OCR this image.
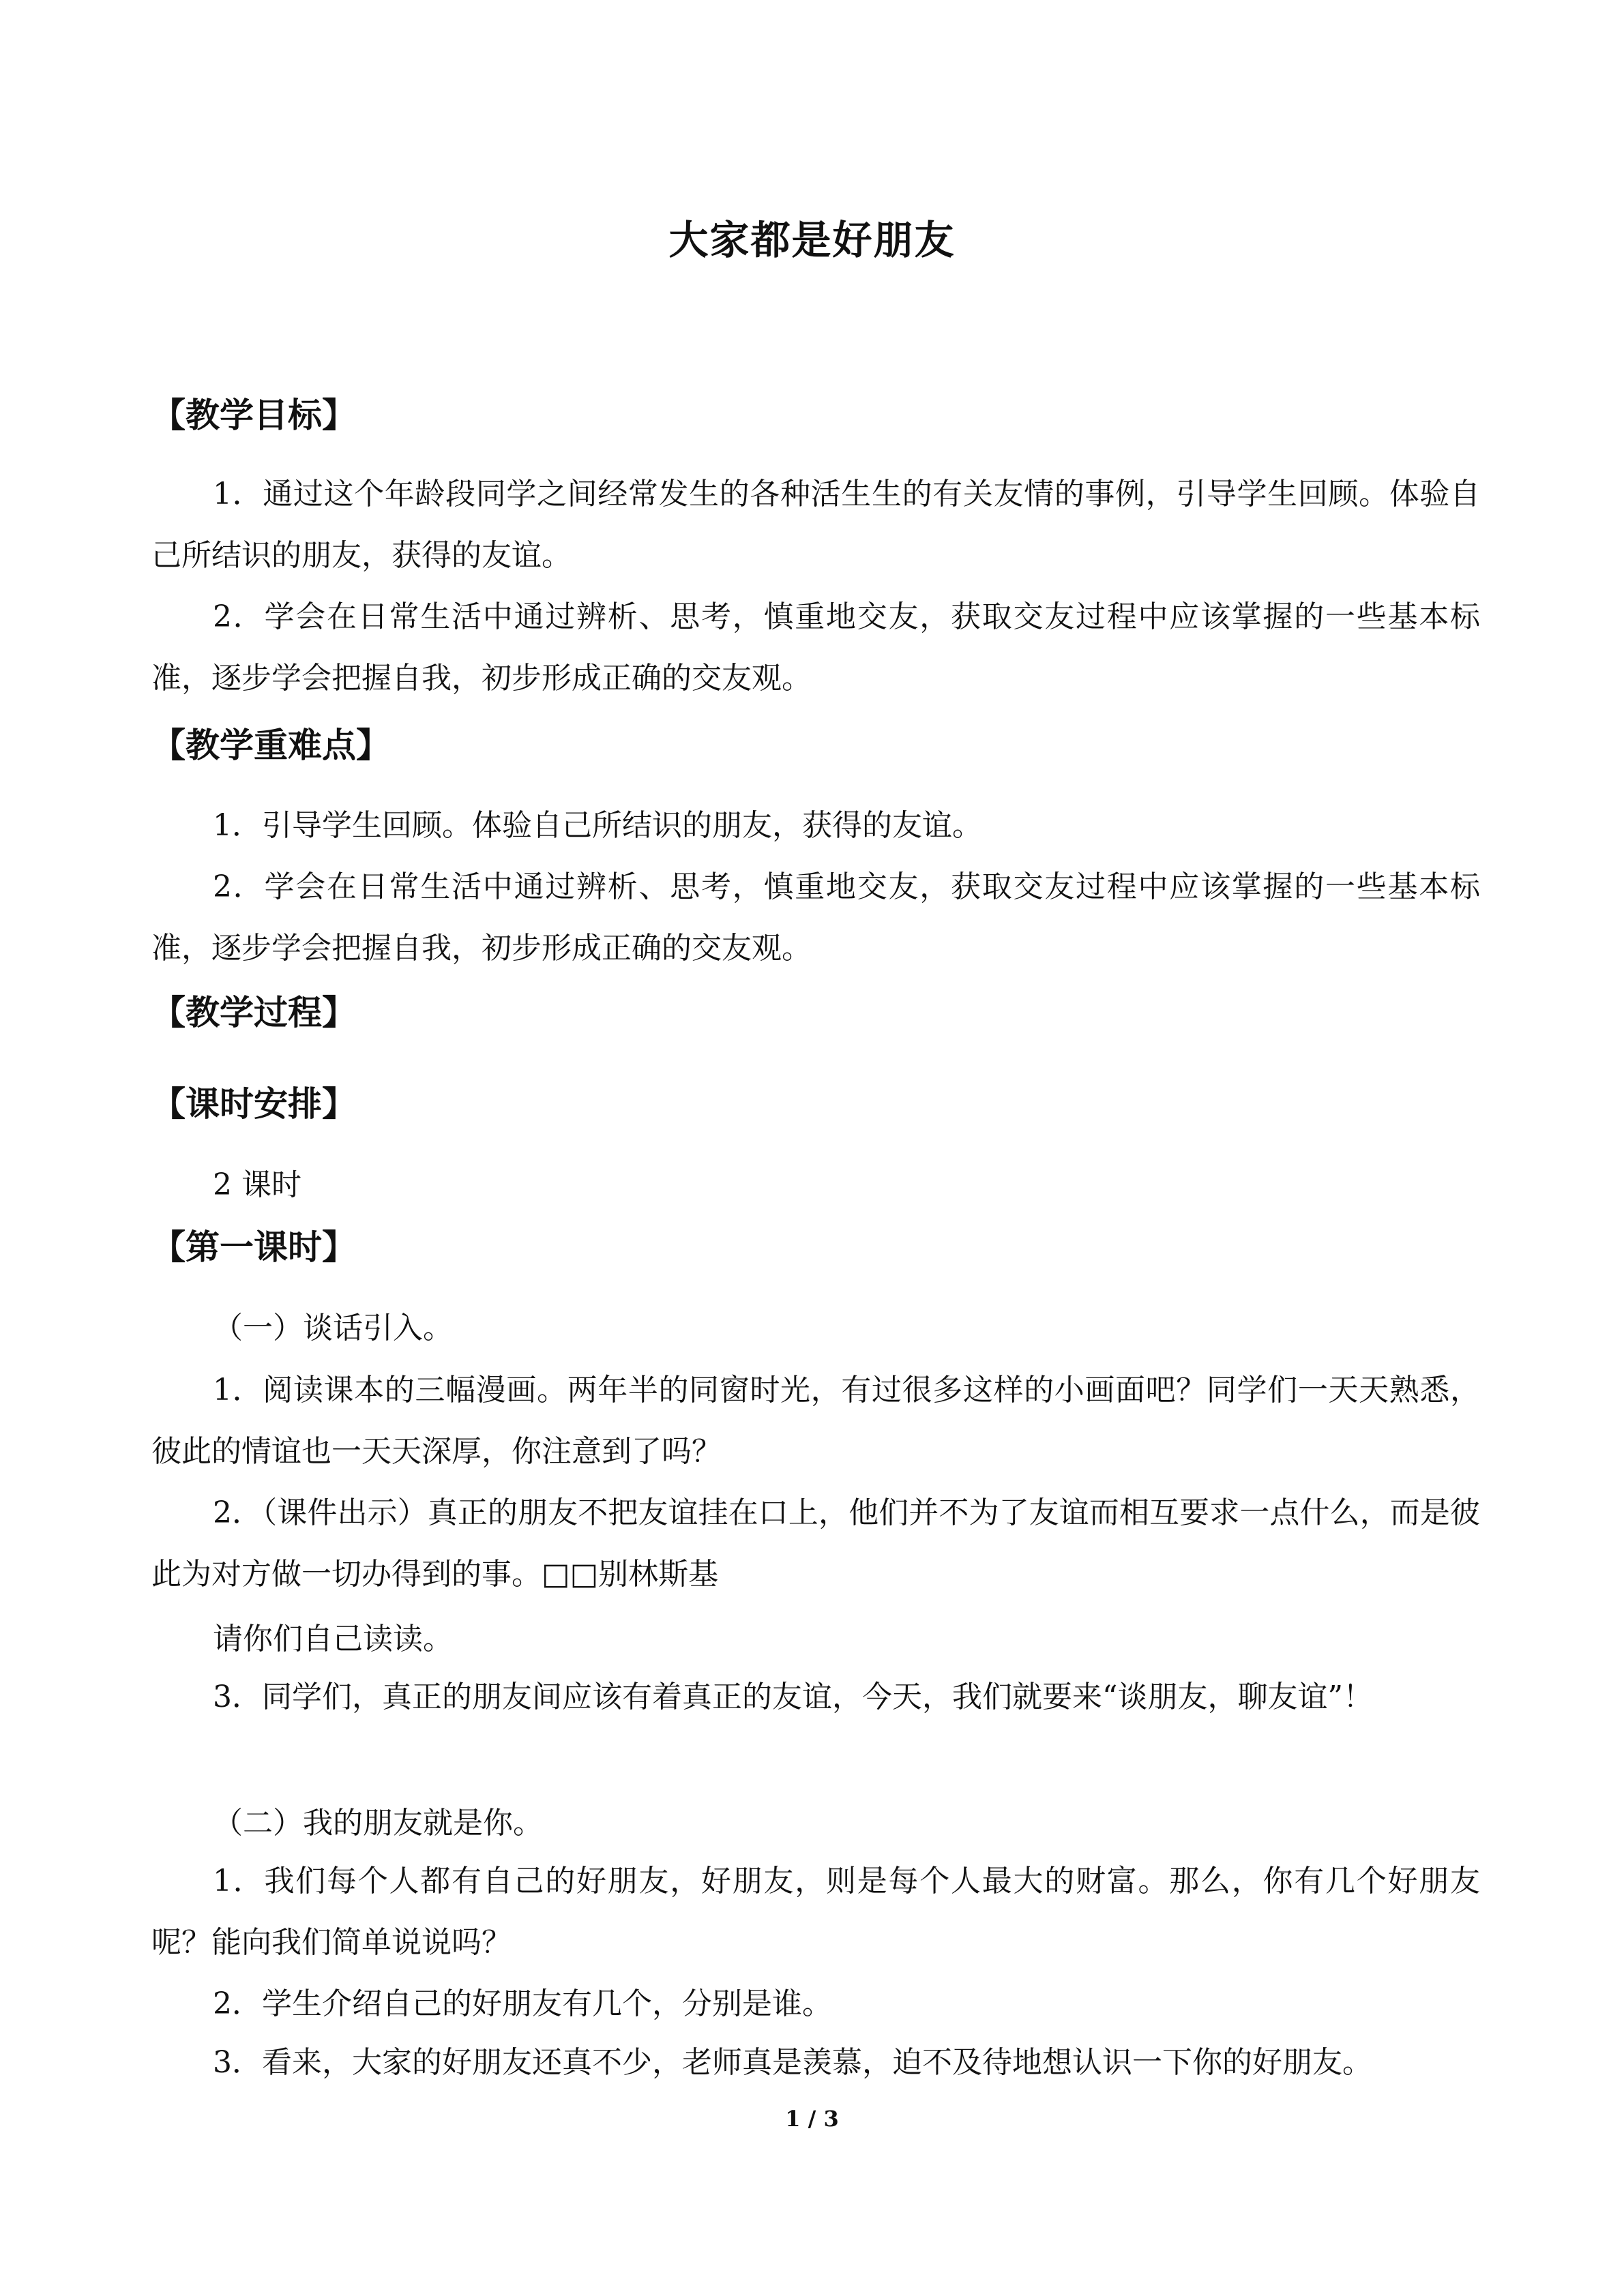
大家都是好朋友
【教学目标】
1．通过这个年龄段同学之间经常发生的各种活生生的有关友情的事例，引导学生回顾。体验自己所结识的朋友，获得的友谊。
2．学会在日常生活中通过辨析、思考，慎重地交友，获取交友过程中应该掌握的一些基本标准，逐步学会把握自我，初步形成正确的交友观。
【教学重难点】
1．引导学生回顾。体验自己所结识的朋友，获得的友谊。
2．学会在日常生活中通过辨析、思考，慎重地交友，获取交友过程中应该掌握的一些基本标准，逐步学会把握自我，初步形成正确的交友观。
【教学过程】
【课时安排】
2 课时
【第一课时】
（一）谈话引入。
1．阅读课本的三幅漫画。两年半的同窗时光，有过很多这样的小画面吧？同学们一天天熟悉，彼此的情谊也一天天深厚，你注意到了吗？
2．（课件出示）真正的朋友不把友谊挂在口上，他们并不为了友谊而相互要求一点什么，而是彼此为对方做一切办得到的事。□□别林斯基
请你们自己读读。
3．同学们，真正的朋友间应该有着真正的友谊，今天，我们就要来“谈朋友，聊友谊”！
（二）我的朋友就是你。
1．我们每个人都有自己的好朋友，好朋友，则是每个人最大的财富。那么，你有几个好朋友呢？能向我们简单说说吗？
2．学生介绍自己的好朋友有几个，分别是谁。
3．看来，大家的好朋友还真不少，老师真是羡慕，迫不及待地想认识一下你的好朋友。
1 / 3
